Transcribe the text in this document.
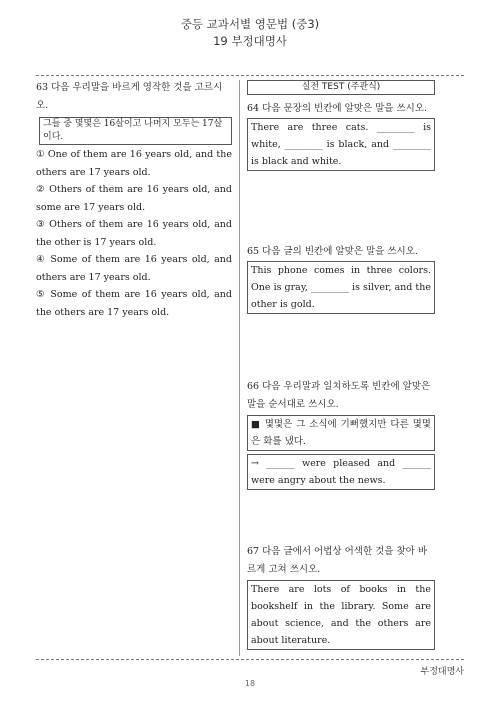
중등 교과서별 영문법 (중3)
19 부정대명사

63 다음 우리말을 바르게 영작한 것을 고르시오.

그들 중 몇몇은 16살이고 나머지 모두는 17살이다.

① One of them are 16 years old, and the others are 17 years old.

② Others of them are 16 years old, and some are 17 years old.

③ Others of them are 16 years old, and the other is 17 years old.

④ Some of them are 16 years old, and others are 17 years old.

⑤ Some of them are 16 years old, and the others are 17 years old.

실전 TEST (주관식)

64 다음 문장의 빈칸에 알맞은 말을 쓰시오.

There are three cats. ________ is white, ________ is black, and ________ is black and white.

65 다음 글의 빈칸에 알맞은 말을 쓰시오.

This phone comes in three colors. One is gray, ________ is silver, and the other is gold.

66 다음 우리말과 일치하도록 빈칸에 알맞은 말을 순서대로 쓰시오.

■ 몇몇은 그 소식에 기뻐했지만 다른 몇몇은 화를 냈다.
→ ______ were pleased and ______ were angry about the news.

67 다음 글에서 어법상 어색한 것을 찾아 바르게 고쳐 쓰시오.

There are lots of books in the bookshelf in the library. Some are about science, and the others are about literature.
부정대명사
18
